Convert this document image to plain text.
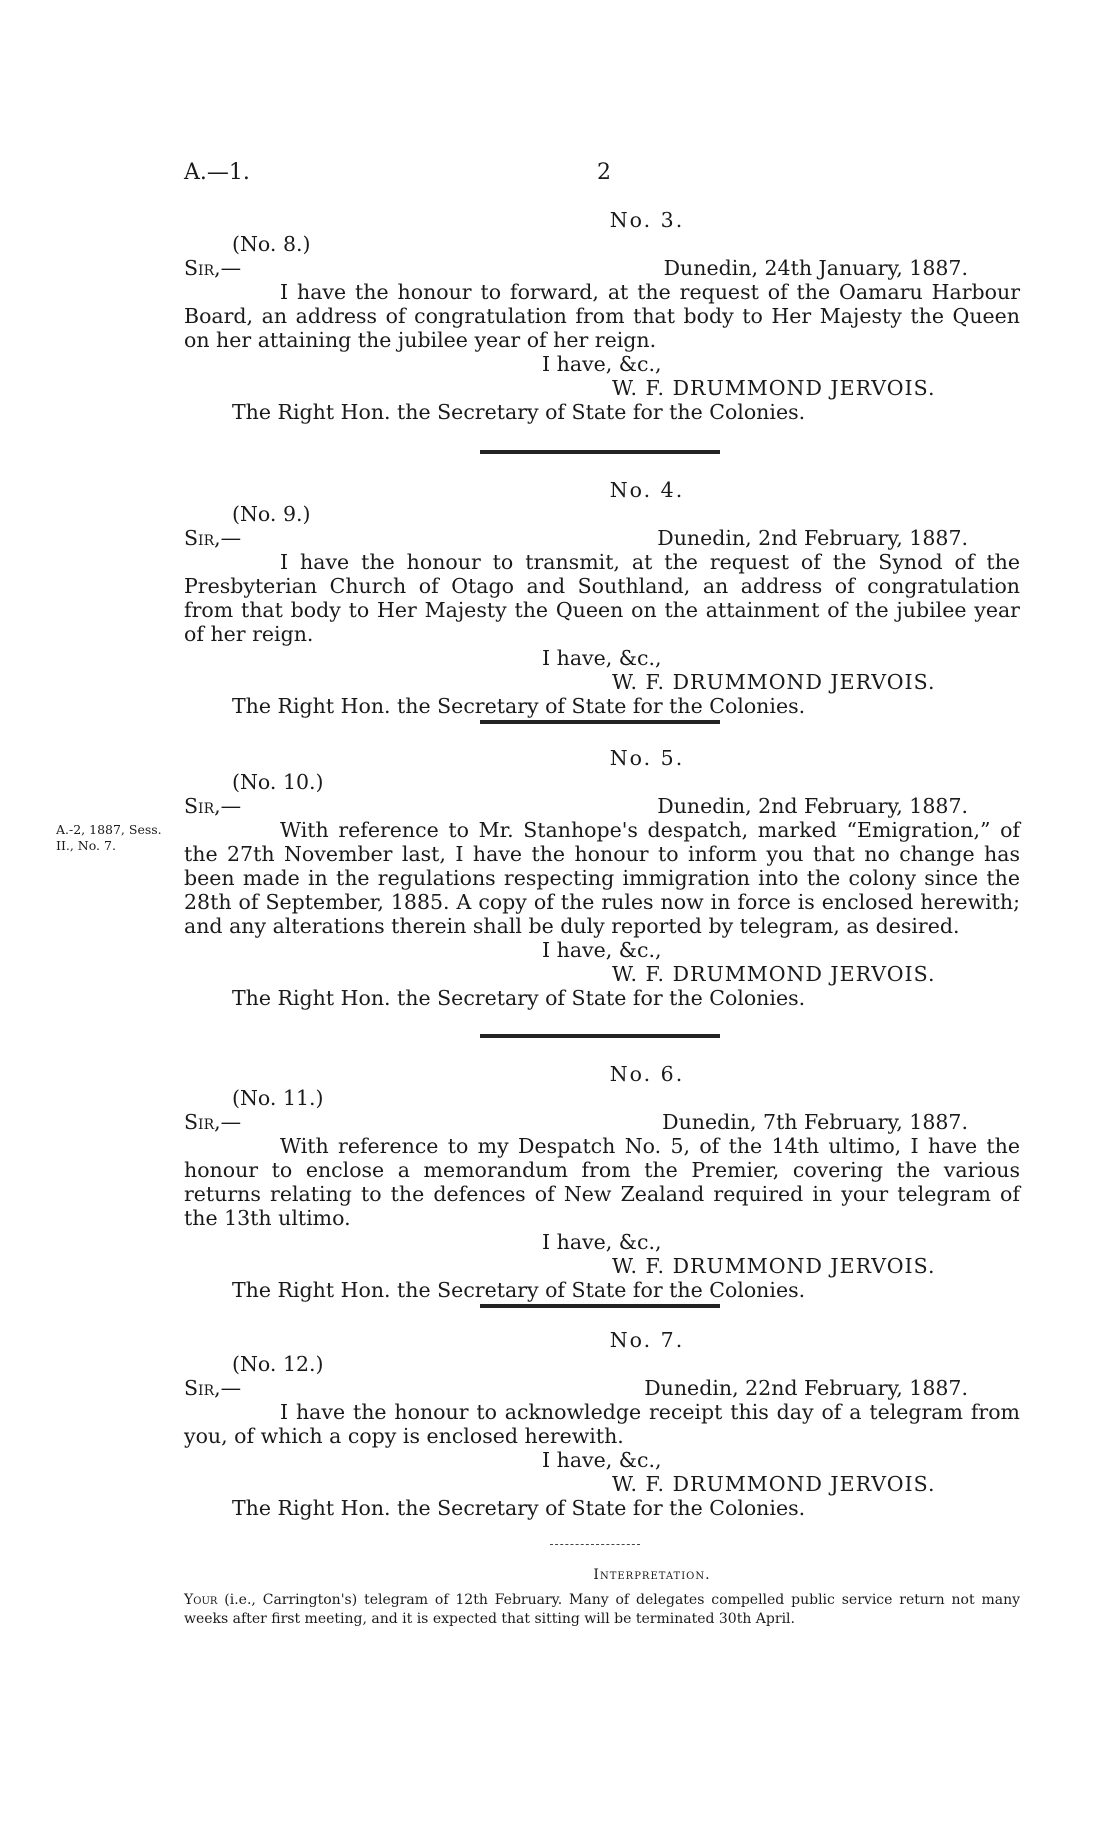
A.—1.	2
No. 3.
(No. 8.)
Sir,—	Dunedin, 24th January, 1887.
I have the honour to forward, at the request of the Oamaru Harbour Board, an address of congratulation from that body to Her Majesty the Queen on her attaining the jubilee year of her reign.
I have, &c.,
W. F. DRUMMOND JERVOIS.
The Right Hon. the Secretary of State for the Colonies.
No. 4.
(No. 9.)
Sir,—	Dunedin, 2nd February, 1887.
I have the honour to transmit, at the request of the Synod of the Presbyterian Church of Otago and Southland, an address of congratulation from that body to Her Majesty the Queen on the attainment of the jubilee year of her reign.
I have, &c.,
W. F. DRUMMOND JERVOIS.
The Right Hon. the Secretary of State for the Colonies.
A.-2, 1887, Sess. II., No. 7.
No. 5.
(No. 10.)
Sir,—	Dunedin, 2nd February, 1887.
With reference to Mr. Stanhope's despatch, marked “Emigration,” of the 27th November last, I have the honour to inform you that no change has been made in the regulations respecting immigration into the colony since the 28th of September, 1885. A copy of the rules now in force is enclosed herewith; and any alterations therein shall be duly reported by telegram, as desired.
I have, &c.,
W. F. DRUMMOND JERVOIS.
The Right Hon. the Secretary of State for the Colonies.
No. 6.
(No. 11.)
Sir,—	Dunedin, 7th February, 1887.
With reference to my Despatch No. 5, of the 14th ultimo, I have the honour to enclose a memorandum from the Premier, covering the various returns relating to the defences of New Zealand required in your telegram of the 13th ultimo.
I have, &c.,
W. F. DRUMMOND JERVOIS.
The Right Hon. the Secretary of State for the Colonies.
No. 7.
(No. 12.)
Sir,—	Dunedin, 22nd February, 1887.
I have the honour to acknowledge receipt this day of a telegram from you, of which a copy is enclosed herewith.
I have, &c.,
W. F. DRUMMOND JERVOIS.
The Right Hon. the Secretary of State for the Colonies.
Interpretation.
Your (i.e., Carrington's) telegram of 12th February. Many of delegates compelled public service return not many weeks after first meeting, and it is expected that sitting will be terminated 30th April.
